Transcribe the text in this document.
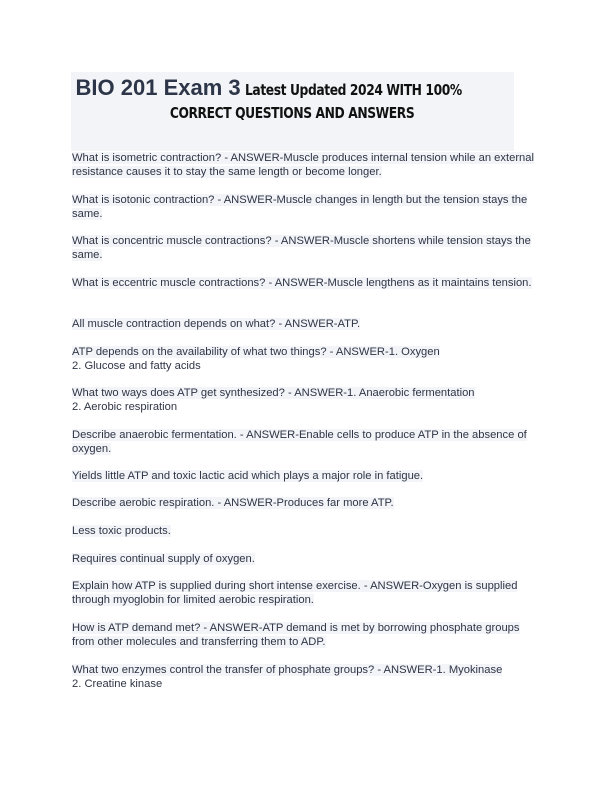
BIO 201 Exam 3 Latest Updated 2024 WITH 100%
CORRECT QUESTIONS AND ANSWERS
What is isometric contraction? - ANSWER-Muscle produces internal tension while an external resistance causes it to stay the same length or become longer.
What is isotonic contraction? - ANSWER-Muscle changes in length but the tension stays the same.
What is concentric muscle contractions? - ANSWER-Muscle shortens while tension stays the same.
What is eccentric muscle contractions? - ANSWER-Muscle lengthens as it maintains tension.
All muscle contraction depends on what? - ANSWER-ATP.
ATP depends on the availability of what two things? - ANSWER-1. Oxygen
2. Glucose and fatty acids
What two ways does ATP get synthesized? - ANSWER-1. Anaerobic fermentation
2. Aerobic respiration
Describe anaerobic fermentation. - ANSWER-Enable cells to produce ATP in the absence of oxygen.
Yields little ATP and toxic lactic acid which plays a major role in fatigue.
Describe aerobic respiration. - ANSWER-Produces far more ATP.
Less toxic products.
Requires continual supply of oxygen.
Explain how ATP is supplied during short intense exercise. - ANSWER-Oxygen is supplied through myoglobin for limited aerobic respiration.
How is ATP demand met? - ANSWER-ATP demand is met by borrowing phosphate groups from other molecules and transferring them to ADP.
What two enzymes control the transfer of phosphate groups? - ANSWER-1. Myokinase
2. Creatine kinase
